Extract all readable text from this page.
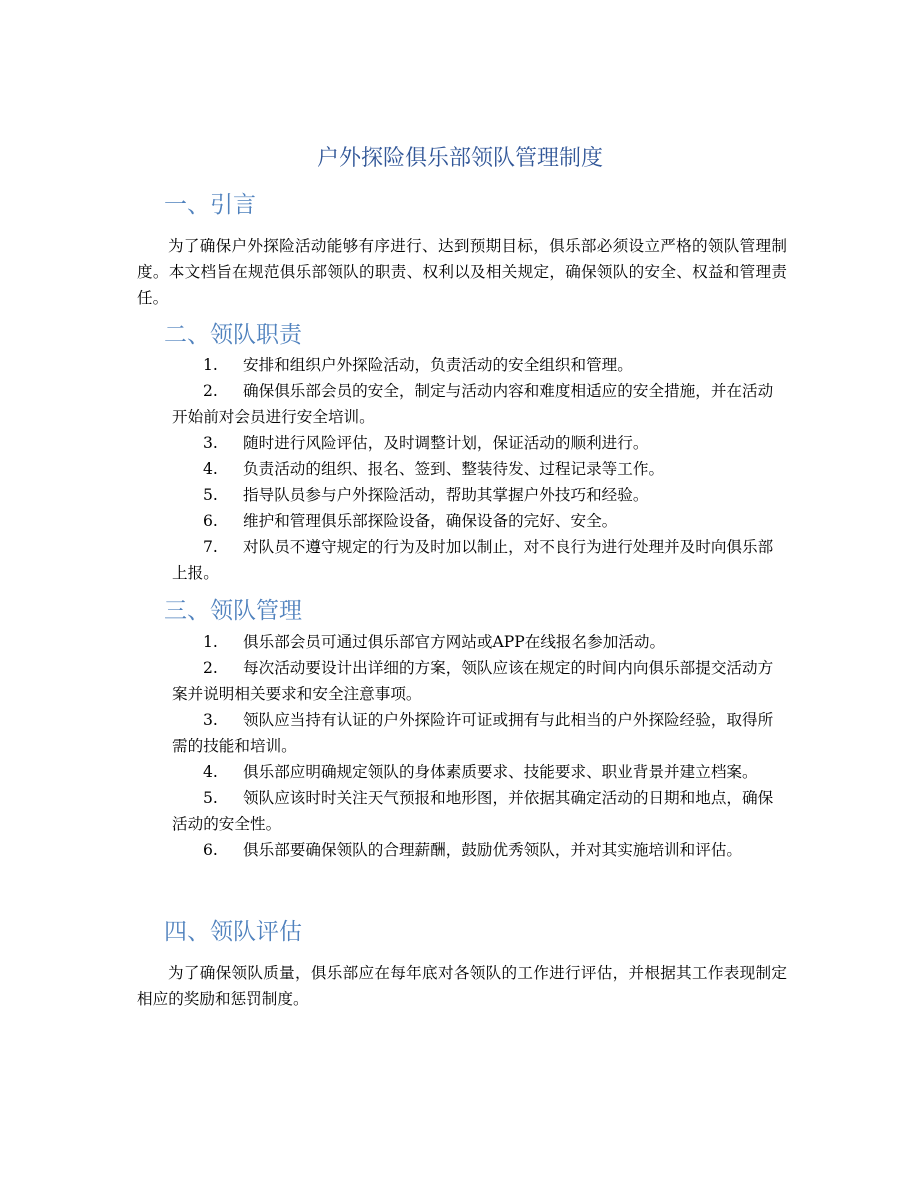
户外探险俱乐部领队管理制度
一、引言
为了确保户外探险活动能够有序进行、达到预期目标，俱乐部必须设立严格的领队管理制度。本文档旨在规范俱乐部领队的职责、权利以及相关规定，确保领队的安全、权益和管理责任。
二、领队职责
1. 安排和组织户外探险活动，负责活动的安全组织和管理。
2. 确保俱乐部会员的安全，制定与活动内容和难度相适应的安全措施，并在活动开始前对会员进行安全培训。
3. 随时进行风险评估，及时调整计划，保证活动的顺利进行。
4. 负责活动的组织、报名、签到、整装待发、过程记录等工作。
5. 指导队员参与户外探险活动，帮助其掌握户外技巧和经验。
6. 维护和管理俱乐部探险设备，确保设备的完好、安全。
7. 对队员不遵守规定的行为及时加以制止，对不良行为进行处理并及时向俱乐部上报。
三、领队管理
1. 俱乐部会员可通过俱乐部官方网站或APP在线报名参加活动。
2. 每次活动要设计出详细的方案，领队应该在规定的时间内向俱乐部提交活动方案并说明相关要求和安全注意事项。
3. 领队应当持有认证的户外探险许可证或拥有与此相当的户外探险经验，取得所需的技能和培训。
4. 俱乐部应明确规定领队的身体素质要求、技能要求、职业背景并建立档案。
5. 领队应该时时关注天气预报和地形图，并依据其确定活动的日期和地点，确保活动的安全性。
6. 俱乐部要确保领队的合理薪酬，鼓励优秀领队，并对其实施培训和评估。
四、领队评估
为了确保领队质量，俱乐部应在每年底对各领队的工作进行评估，并根据其工作表现制定相应的奖励和惩罚制度。
